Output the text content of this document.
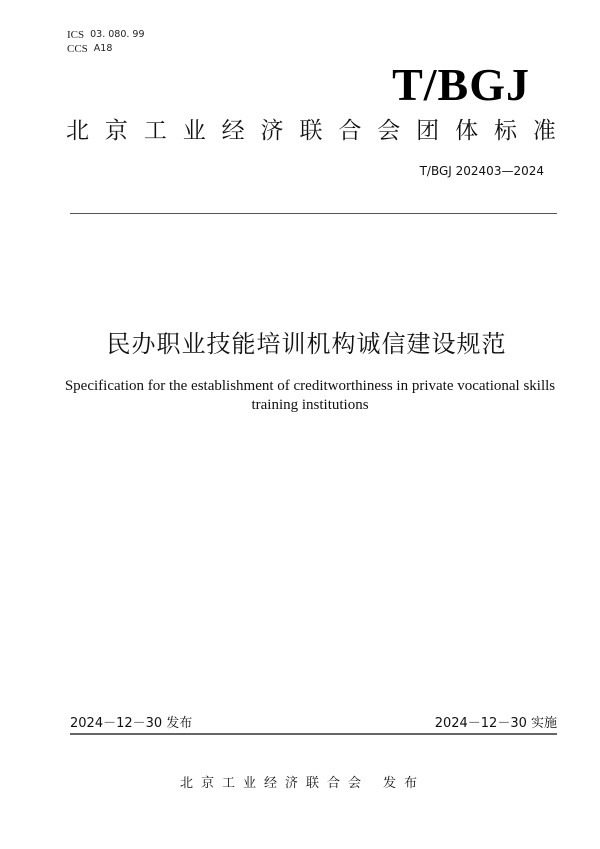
ICS 03. 080. 99
CCS A18
T/BGJ
北 京 工 业 经 济 联 合 会 团 体 标 准
T/BGJ 202403—2024
民办职业技能培训机构诚信建设规范
Specification for the establishment of creditworthiness in private vocational skills
training institutions
2024－12－30 发布	2024－12－30 实施
北京工业经济联合会 发布
